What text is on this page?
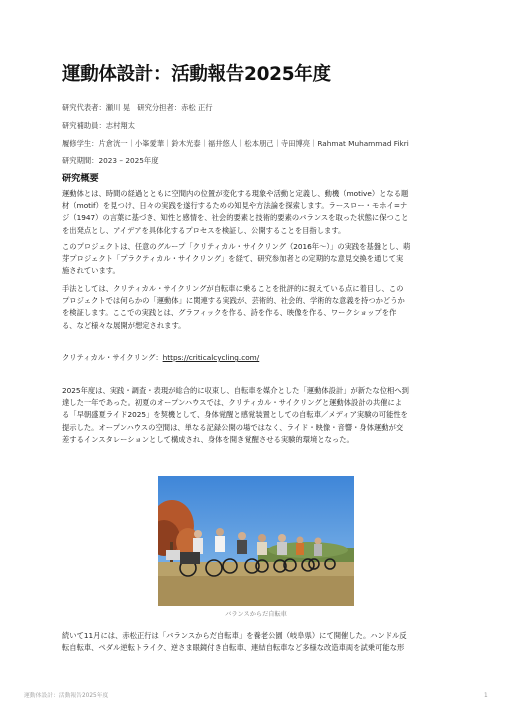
運動体設計：活動報告2025年度
研究代表者：瀬川 晃　研究分担者：赤松 正行
研究補助員：志村翔太
履修学生：片倉洸一｜小峯愛華｜鈴木光泰｜福井悠人｜松本朋己｜寺田博亮｜Rahmat Muhammad Fikri
研究期間：2023 – 2025年度
研究概要
運動体とは、時間の経過とともに空間内の位置が変化する現象や活動と定義し、動機（motive）となる題
材（motif）を見つけ、日々の実践を遂行するための知見や方法論を探索します。ラースロー・モホイ=ナ
ジ（1947）の言葉に基づき、知性と感情を、社会的要素と技術的要素のバランスを取った状態に保つこと
を出発点とし、アイデアを具体化するプロセスを検証し、公開することを目指します。
このプロジェクトは、任意のグループ「クリティカル・サイクリング（2016年〜）」の実践を基盤とし、萌
芽プロジェクト「プラクティカル・サイクリング」を経て、研究参加者との定期的な意見交換を通じて実
施されています。
手法としては、クリティカル・サイクリングが自転車に乗ることを批評的に捉えている点に着目し、この
プロジェクトでは何らかの「運動体」に関連する実践が、芸術的、社会的、学術的な意義を持つかどうか
を検証します。ここでの実践とは、グラフィックを作る、詩を作る、映像を作る、ワークショップを作
る、など様々な展開が想定されます。
クリティカル・サイクリング：https://criticalcycling.com/
2025年度は、実践・調査・表現が総合的に収束し、自転車を媒介とした「運動体設計」が新たな位相へ到
達した一年であった。初夏のオープンハウスでは、クリティカル・サイクリングと運動体設計の共催によ
る「早朝盛夏ライド2025」を契機として、身体覚醒と感覚装置としての自転車／メディア実験の可能性を
提示した。オープンハウスの空間は、単なる記録公開の場ではなく、ライド・映像・音響・身体運動が交
差するインスタレーションとして構成され、身体を開き覚醒させる実験的環境となった。
バランスからだ自転車
続いて11月には、赤松正行は「バランスからだ自転車」を養老公園（岐阜県）にて開催した。ハンドル反
転自転車、ペダル逆転トライク、逆さま眼鏡付き自転車、連結自転車など多様な改造車両を試乗可能な形
運動体設計：活動報告2025年度	1
